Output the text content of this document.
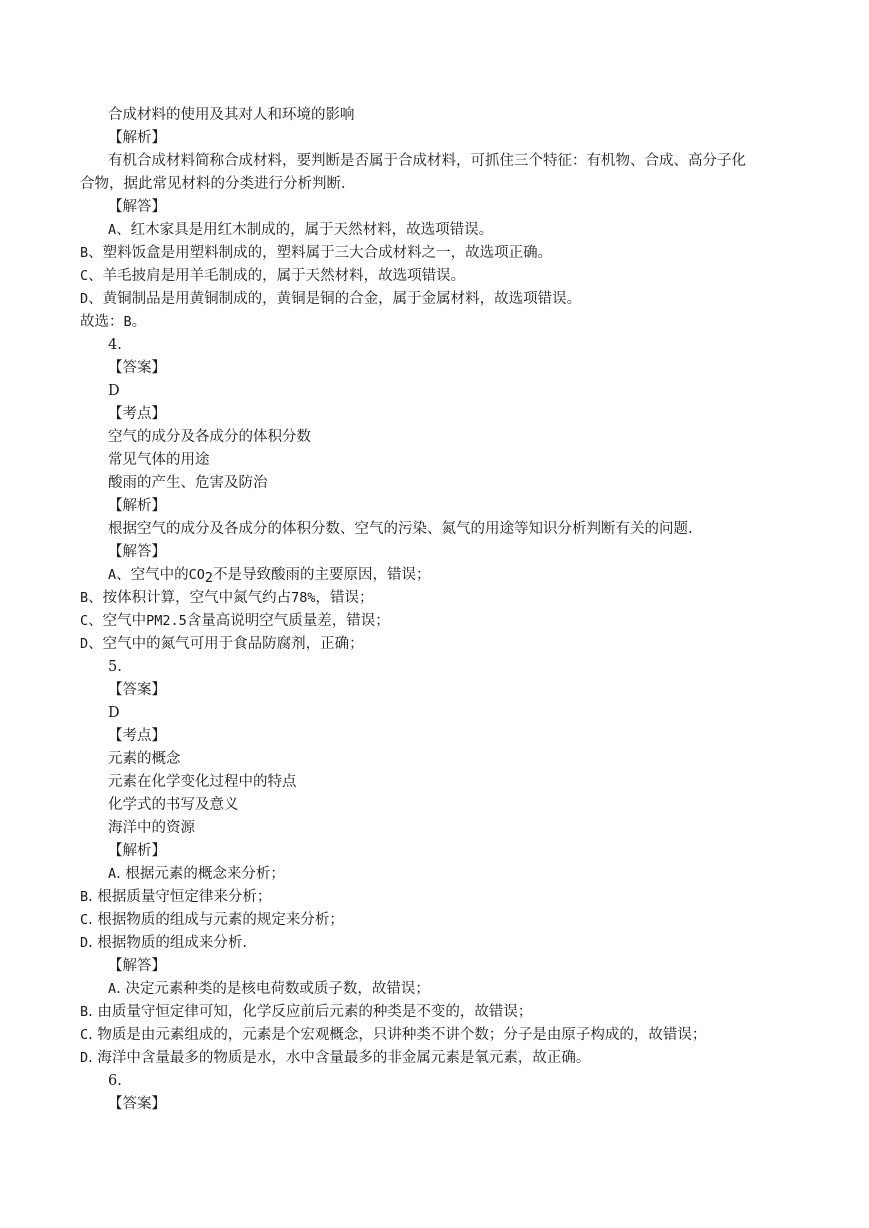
合成材料的使用及其对人和环境的影响
【解析】
有机合成材料简称合成材料，要判断是否属于合成材料，可抓住三个特征：有机物、合成、高分子化
合物，据此常见材料的分类进行分析判断.
【解答】
A、红木家具是用红木制成的，属于天然材料，故选项错误。
B、塑料饭盒是用塑料制成的，塑料属于三大合成材料之一，故选项正确。
C、羊毛披肩是用羊毛制成的，属于天然材料，故选项错误。
D、黄铜制品是用黄铜制成的，黄铜是铜的合金，属于金属材料，故选项错误。
故选：B。
4.
【答案】
D
【考点】
空气的成分及各成分的体积分数
常见气体的用途
酸雨的产生、危害及防治
【解析】
根据空气的成分及各成分的体积分数、空气的污染、氮气的用途等知识分析判断有关的问题.
【解答】
A、空气中的$CO_2$不是导致酸雨的主要原因，错误；
B、按体积计算，空气中氮气约占78%，错误；
C、空气中PM2.5含量高说明空气质量差，错误；
D、空气中的氮气可用于食品防腐剂，正确；
5.
【答案】
D
【考点】
元素的概念
元素在化学变化过程中的特点
化学式的书写及意义
海洋中的资源
【解析】
A. 根据元素的概念来分析；
B. 根据质量守恒定律来分析；
C. 根据物质的组成与元素的规定来分析；
D. 根据物质的组成来分析.
【解答】
A. 决定元素种类的是核电荷数或质子数，故错误；
B. 由质量守恒定律可知，化学反应前后元素的种类是不变的，故错误；
C. 物质是由元素组成的，元素是个宏观概念，只讲种类不讲个数；分子是由原子构成的，故错误；
D. 海洋中含量最多的物质是水，水中含量最多的非金属元素是氧元素，故正确。
6.
【答案】
